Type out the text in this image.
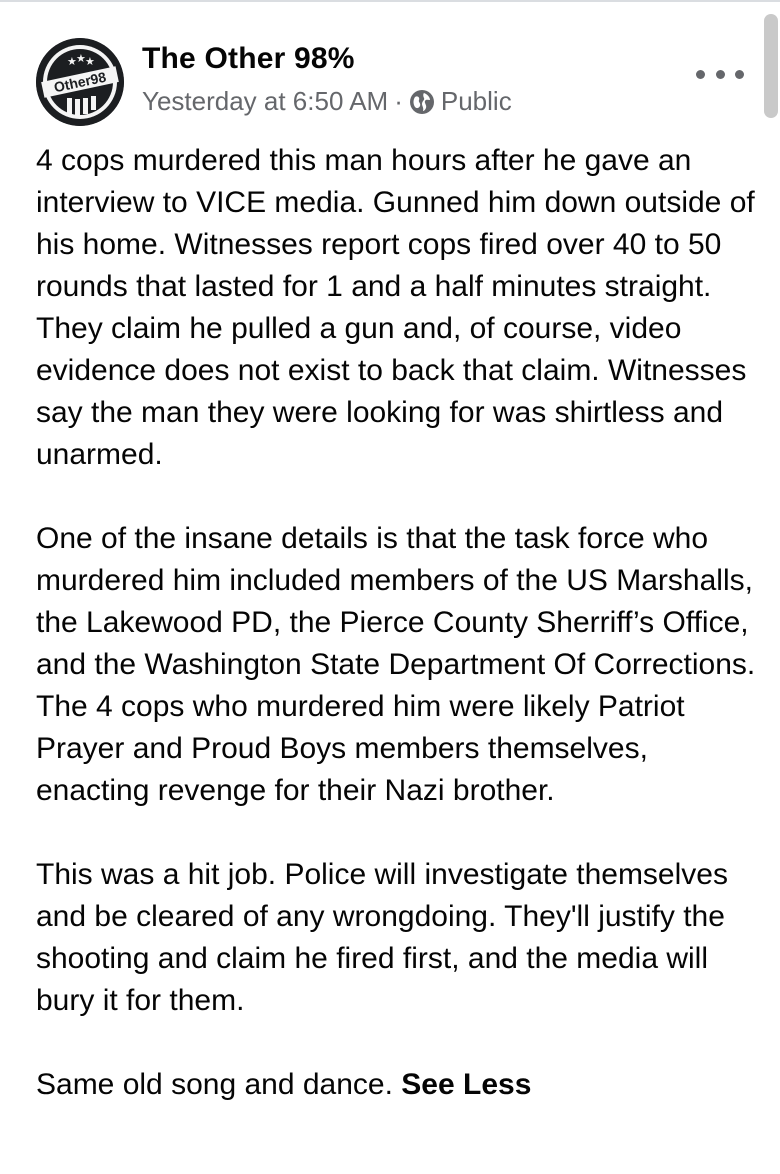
★ ★ ★
Other98
The Other 98%
Yesterday at 6:50 AM · Public

4 cops murdered this man hours after he gave an interview to VICE media. Gunned him down outside of his home. Witnesses report cops fired over 40 to 50 rounds that lasted for 1 and a half minutes straight. They claim he pulled a gun and, of course, video evidence does not exist to back that claim. Witnesses say the man they were looking for was shirtless and unarmed.

One of the insane details is that the task force who murdered him included members of the US Marshalls, the Lakewood PD, the Pierce County Sherriff’s Office, and the Washington State Department Of Corrections. The 4 cops who murdered him were likely Patriot Prayer and Proud Boys members themselves, enacting revenge for their Nazi brother.

This was a hit job. Police will investigate themselves and be cleared of any wrongdoing. They'll justify the shooting and claim he fired first, and the media will bury it for them.

Same old song and dance. See Less
